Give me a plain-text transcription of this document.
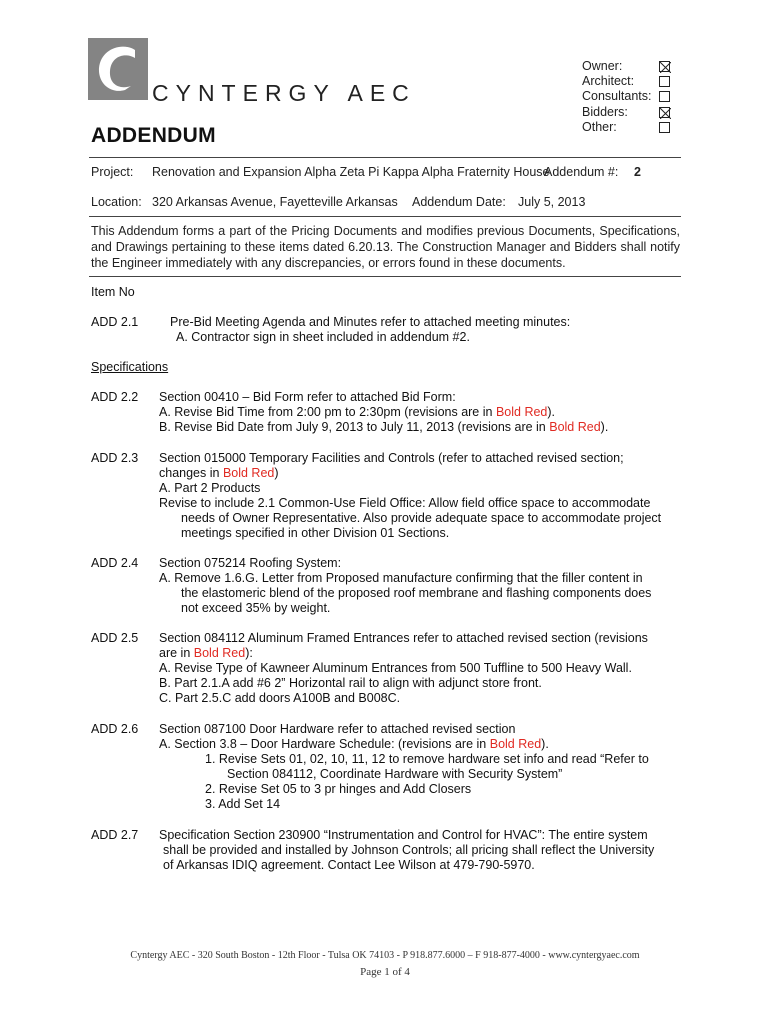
CYNTERGY AEC
ADDENDUM
Owner:
Architect:
Consultants:
Bidders:
Other:
Project: Renovation and Expansion Alpha Zeta Pi Kappa Alpha Fraternity House
Addendum #: 2
Location: 320 Arkansas Avenue, Fayetteville Arkansas Addendum Date: July 5, 2013
This Addendum forms a part of the Pricing Documents and modifies previous Documents, Specifications, and Drawings pertaining to these items dated 6.20.13. The Construction Manager and Bidders shall notify the Engineer immediately with any discrepancies, or errors found in these documents.
Item No
ADD 2.1	Pre-Bid Meeting Agenda and Minutes refer to attached meeting minutes:
A. Contractor sign in sheet included in addendum #2.
Specifications
ADD 2.2 Section 00410 – Bid Form refer to attached Bid Form:
A. Revise Bid Time from 2:00 pm to 2:30pm (revisions are in Bold Red).
B. Revise Bid Date from July 9, 2013 to July 11, 2013 (revisions are in Bold Red).
ADD 2.3 Section 015000 Temporary Facilities and Controls (refer to attached revised section;
changes in Bold Red)
A. Part 2 Products
Revise to include 2.1 Common-Use Field Office: Allow field office space to accommodate
needs of Owner Representative. Also provide adequate space to accommodate project
meetings specified in other Division 01 Sections.
ADD 2.4 Section 075214 Roofing System:
A. Remove 1.6.G. Letter from Proposed manufacture confirming that the filler content in
the elastomeric blend of the proposed roof membrane and flashing components does
not exceed 35% by weight.
ADD 2.5 Section 084112 Aluminum Framed Entrances refer to attached revised section (revisions
are in Bold Red):
A. Revise Type of Kawneer Aluminum Entrances from 500 Tuffline to 500 Heavy Wall.
B. Part 2.1.A add #6 2” Horizontal rail to align with adjunct store front.
C. Part 2.5.C add doors A100B and B008C.
ADD 2.6 Section 087100 Door Hardware refer to attached revised section
A. Section 3.8 – Door Hardware Schedule: (revisions are in Bold Red).
1. Revise Sets 01, 02, 10, 11, 12 to remove hardware set info and read “Refer to
Section 084112, Coordinate Hardware with Security System”
2. Revise Set 05 to 3 pr hinges and Add Closers
3. Add Set 14
ADD 2.7 Specification Section 230900 “Instrumentation and Control for HVAC”: The entire system
shall be provided and installed by Johnson Controls; all pricing shall reflect the University
of Arkansas IDIQ agreement. Contact Lee Wilson at 479-790-5970.
Cyntergy AEC - 320 South Boston - 12th Floor - Tulsa OK 74103 - P 918.877.6000 – F 918-877-4000 - www.cyntergyaec.com
Page 1 of 4
